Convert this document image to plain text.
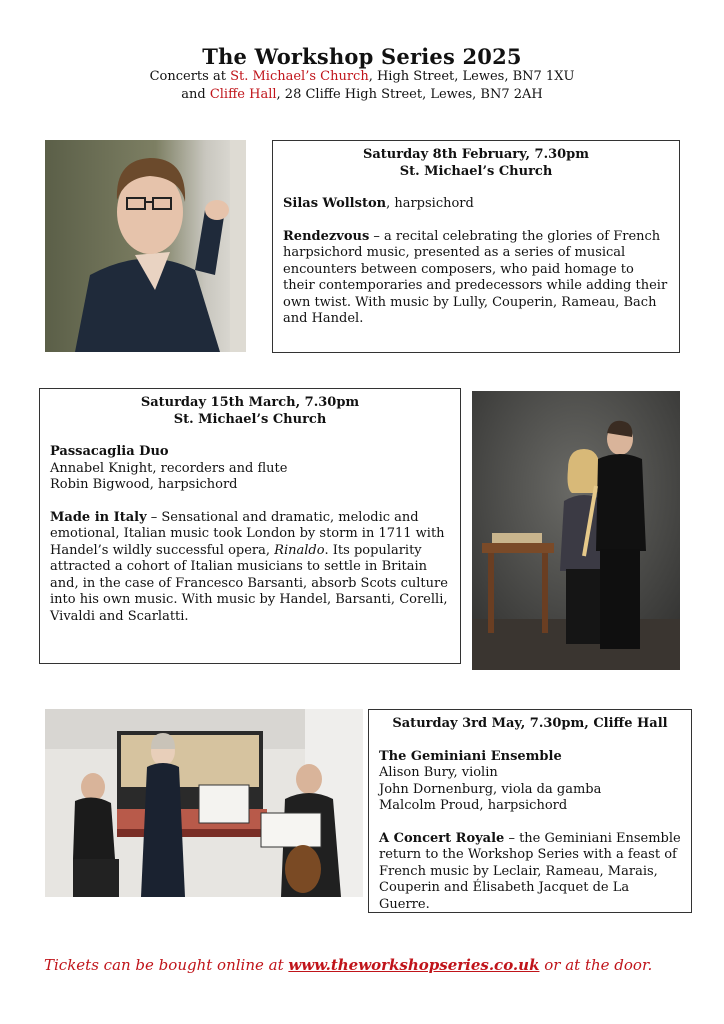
The Workshop Series 2025
Concerts at St. Michael’s Church, High Street, Lewes, BN7 1XU
and Cliffe Hall, 28 Cliffe High Street, Lewes, BN7 2AH
Saturday 8th February, 7.30pm
St. Michael’s Church
Silas Wollston, harpsichord
Rendezvous – a recital celebrating the glories of French harpsichord music, presented as a series of musical encounters between composers, who paid homage to their contemporaries and predecessors while adding their own twist. With music by Lully, Couperin, Rameau, Bach and Handel.
Saturday 15th March, 7.30pm
St. Michael’s Church
Passacaglia Duo
Annabel Knight, recorders and flute
Robin Bigwood, harpsichord
Made in Italy – Sensational and dramatic, melodic and emotional, Italian music took London by storm in 1711 with Handel’s wildly successful opera, Rinaldo. Its popularity attracted a cohort of Italian musicians to settle in Britain and, in the case of Francesco Barsanti, absorb Scots culture into his own music. With music by Handel, Barsanti, Corelli, Vivaldi and Scarlatti.
Saturday 3rd May, 7.30pm, Cliffe Hall
The Geminiani Ensemble
Alison Bury, violin
John Dornenburg, viola da gamba
Malcolm Proud, harpsichord
A Concert Royale – the Geminiani Ensemble return to the Workshop Series with a feast of French music by Leclair, Rameau, Marais, Couperin and Élisabeth Jacquet de La Guerre.
Tickets can be bought online at www.theworkshopseries.co.uk or at the door.
